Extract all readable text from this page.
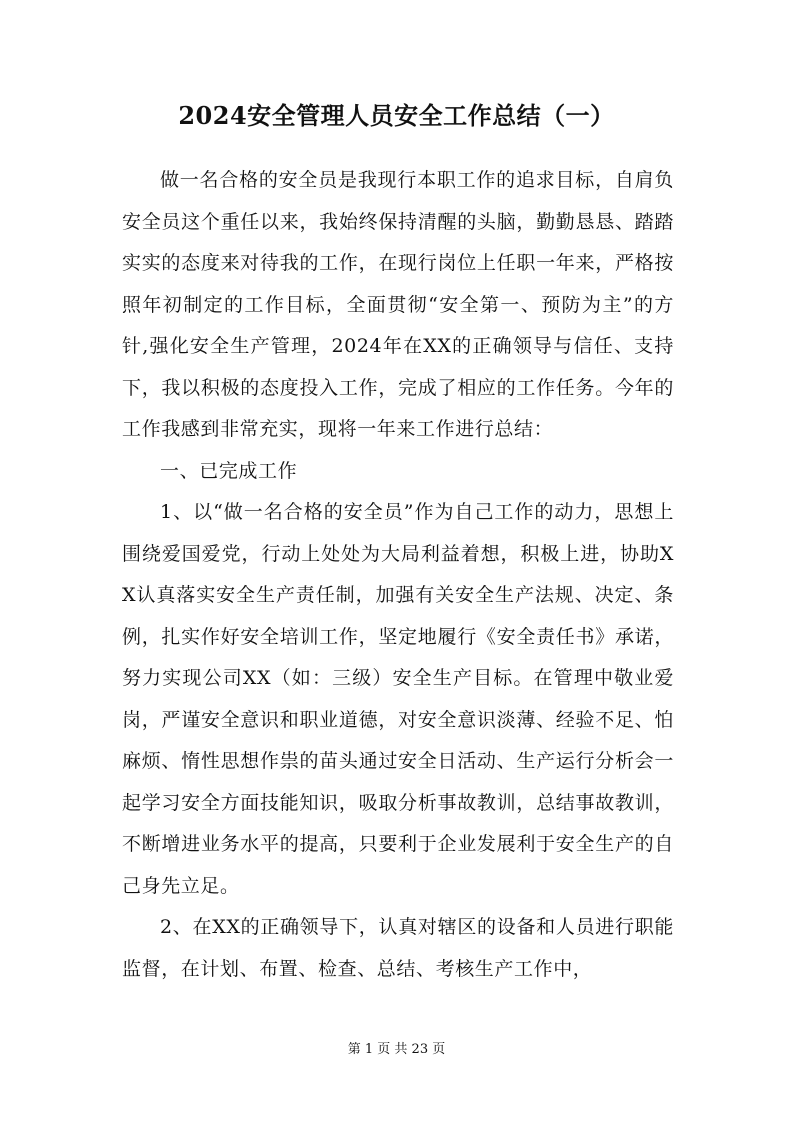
2024安全管理人员安全工作总结（一）

做一名合格的安全员是我现行本职工作的追求目标，自肩负安全员这个重任以来，我始终保持清醒的头脑，勤勤恳恳、踏踏实实的态度来对待我的工作，在现行岗位上任职一年来，严格按照年初制定的工作目标，全面贯彻“安全第一、预防为主”的方针,强化安全生产管理，2024年在XX的正确领导与信任、支持下，我以积极的态度投入工作，完成了相应的工作任务。今年的工作我感到非常充实，现将一年来工作进行总结：

一、已完成工作

1、以“做一名合格的安全员”作为自己工作的动力，思想上围绕爱国爱党，行动上处处为大局利益着想，积极上进，协助XX认真落实安全生产责任制，加强有关安全生产法规、决定、条例，扎实作好安全培训工作，坚定地履行《安全责任书》承诺，努力实现公司XX（如：三级）安全生产目标。在管理中敬业爱岗，严谨安全意识和职业道德，对安全意识淡薄、经验不足、怕麻烦、惰性思想作祟的苗头通过安全日活动、生产运行分析会一起学习安全方面技能知识，吸取分析事故教训，总结事故教训，不断增进业务水平的提高，只要利于企业发展利于安全生产的自己身先立足。

2、在XX的正确领导下，认真对辖区的设备和人员进行职能监督，在计划、布置、检查、总结、考核生产工作中，

第 1 页 共 23 页
